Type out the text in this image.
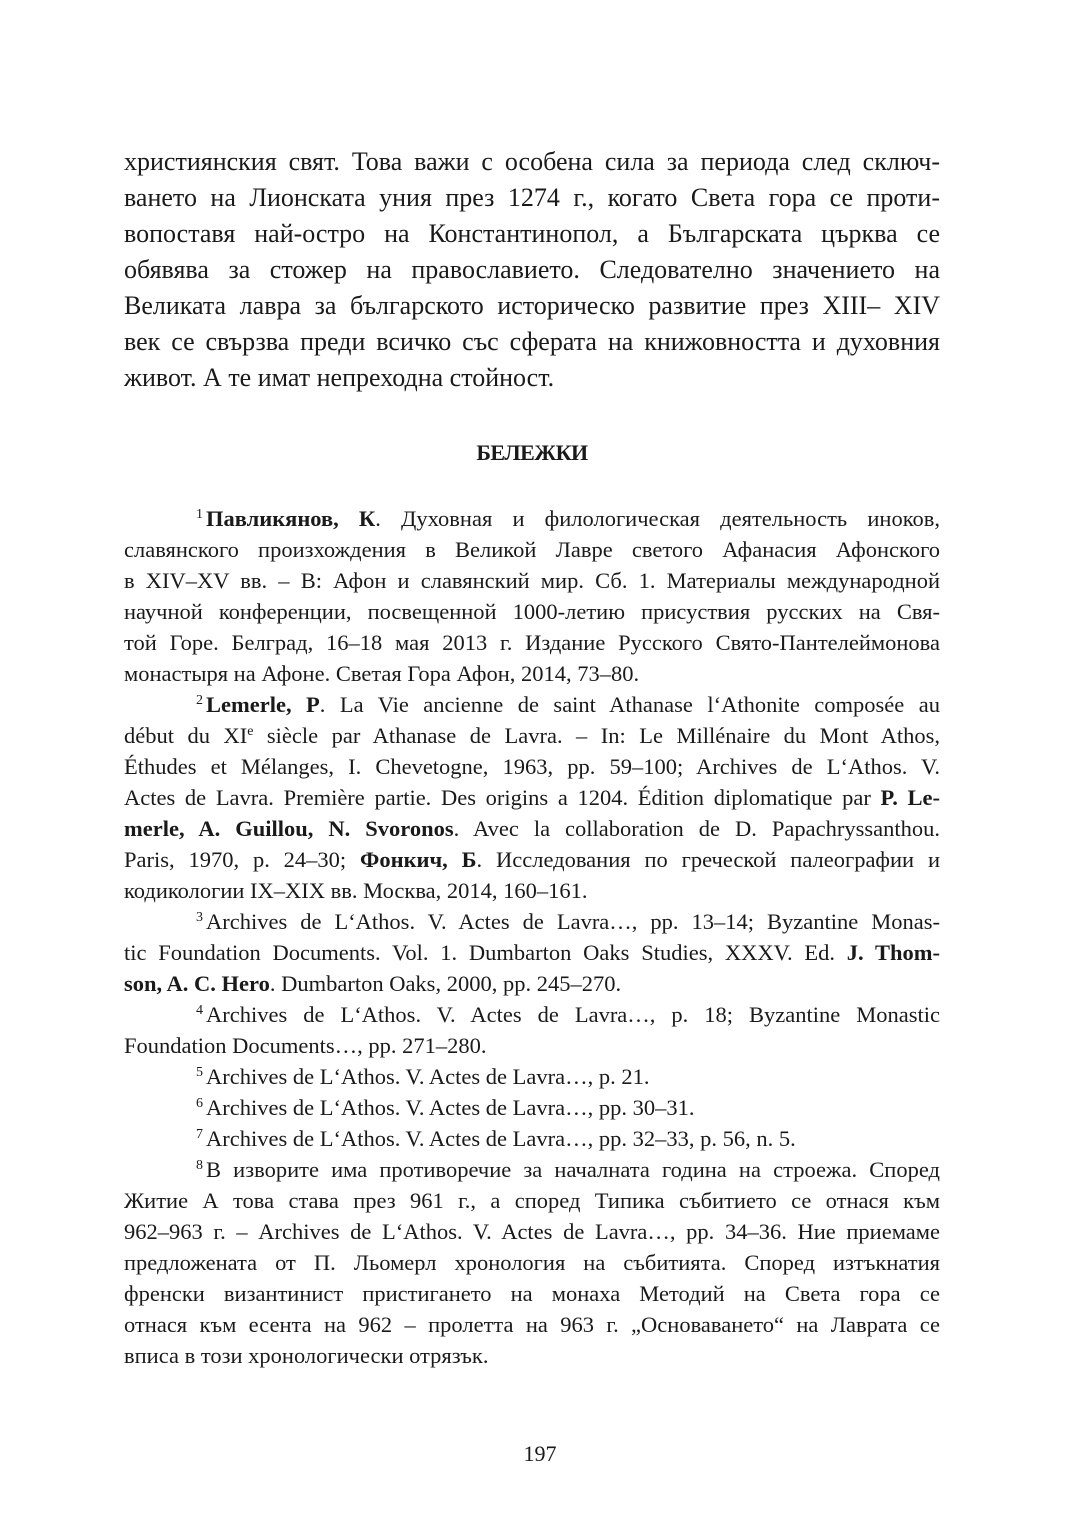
християнския свят. Това важи с особена сила за периода след сключ-
ването на Лионската уния през 1274 г., когато Света гора се проти-
вопоставя най-остро на Константинопол, а Българската църква се
обявява за стожер на православието. Следователно значението на
Великата лавра за българското историческо развитие през XIII– XIV
век се свързва преди всичко със сферата на книжовността и духовния
живот. А те имат непреходна стойност.
БЕЛЕЖКИ
$^1$ Павликянов, К. Духовная и филологическая деятельность иноков,
славянского произхождения в Великой Лавре светого Афанасия Афонского
в XIV–XV вв. – В: Афон и славянский мир. Сб. 1. Материалы международной
научной конференции, посвещенной 1000-летию присуствия русских на Свя-
той Горе. Белград, 16–18 мая 2013 г. Издание Русского Свято-Пантелеймонова
монастыря на Афоне. Светая Гора Афон, 2014, 73–80.
$^2$ Lemerle, P. La Vie ancienne de saint Athanase l‘Athonite composée au
début du XIe siècle par Athanase de Lavra. – In: Le Millénaire du Mont Athos,
Éthudes et Mélanges, I. Chevetogne, 1963, pp. 59–100; Archives de L‘Athos. V.
Actes de Lavra. Première partie. Des origins a 1204. Édition diplomatique par P. Le-
merle, A. Guillou, N. Svoronos. Avec la collaboration de D. Papachryssanthou.
Paris, 1970, p. 24–30; Фонкич, Б. Исследования по греческой палеографии и
кодикологии IX–XIX вв. Москва, 2014, 160–161.
$^3$ Archives de L‘Athos. V. Actes de Lavra…, pp. 13–14; Byzantine Monas-
tic Foundation Documents. Vol. 1. Dumbarton Oaks Studies, XXXV. Ed. J. Thom-
son, A. C. Hero. Dumbarton Oaks, 2000, pp. 245–270.
$^4$ Archives de L‘Athos. V. Actes de Lavra…, p. 18; Byzantine Monastic
Foundation Documents…, pp. 271–280.
$^5$ Archives de L‘Athos. V. Actes de Lavra…, p. 21.
$^6$ Archives de L‘Athos. V. Actes de Lavra…, pp. 30–31.
$^7$ Archives de L‘Athos. V. Actes de Lavra…, pp. 32–33, p. 56, n. 5.
$^8$ В изворите има противоречие за началната година на строежа. Според
Житие А това става през 961 г., а според Типика събитието се отнася към
962–963 г. – Archives de L‘Athos. V. Actes de Lavra…, pp. 34–36. Ние приемаме
предложената от П. Льомерл хронология на събитията. Според изтъкнатия
френски византинист пристигането на монаха Методий на Света гора се
отнася към есента на 962 – пролетта на 963 г. „Основаването“ на Лаврата се
вписа в този хронологически отрязък.

197
